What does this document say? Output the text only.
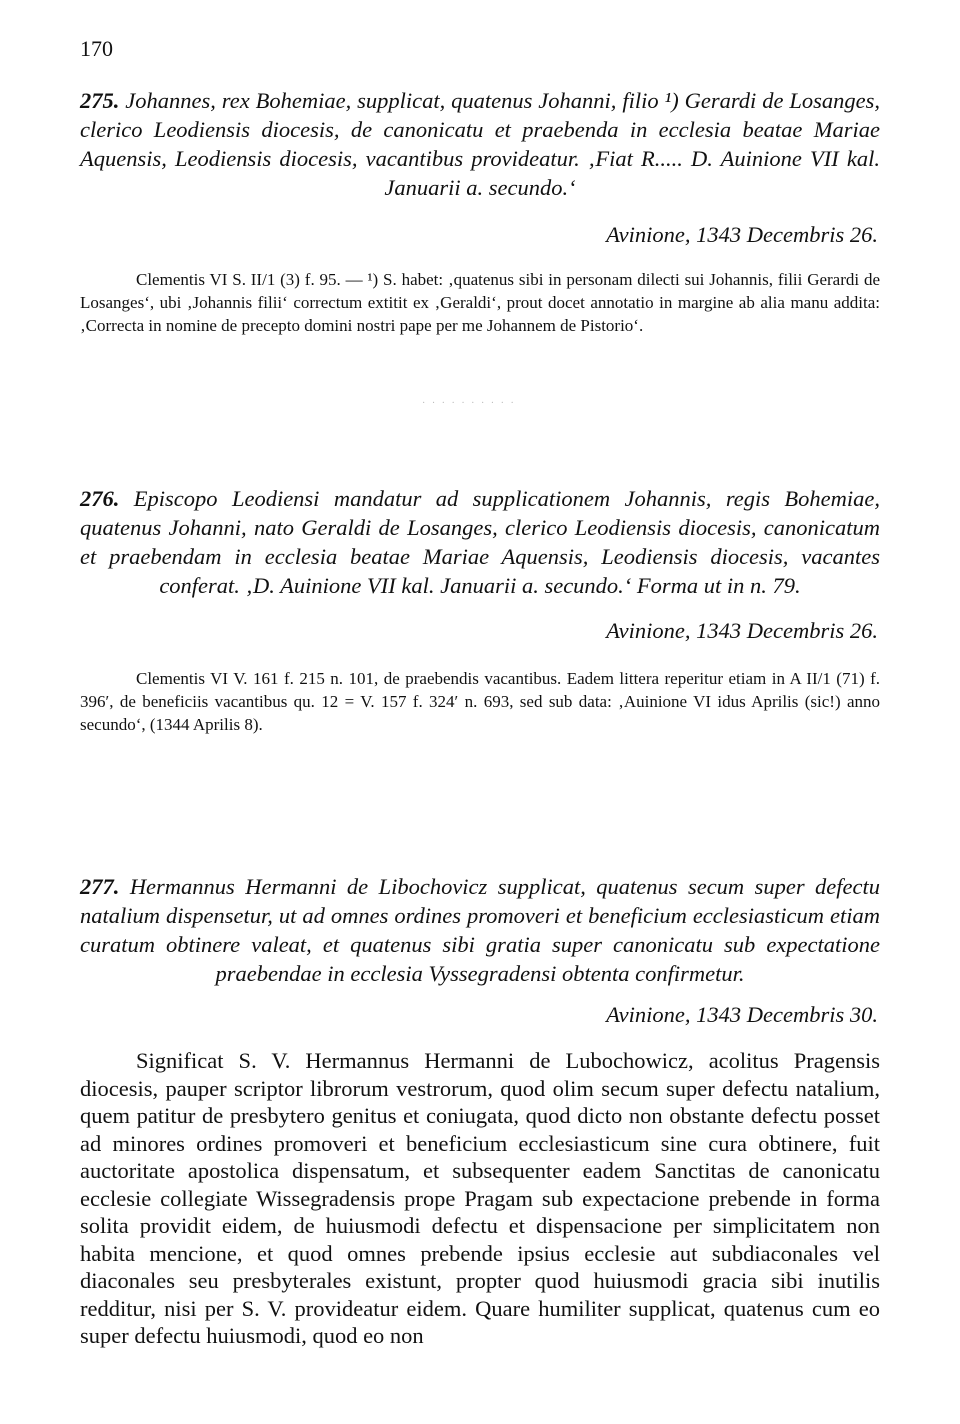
170
275. Johannes, rex Bohemiae, supplicat, quatenus Johanni, filio ¹) Gerardi de Losanges, clerico Leodiensis diocesis, de canonicatu et praebenda in ecclesia beatae Mariae Aquensis, Leodiensis diocesis, vacantibus provideatur. ‚Fiat R..... D. Auinione VII kal. Januarii a. secundo.‘
Avinione, 1343 Decembris 26.
Clementis VI S. II/1 (3) f. 95. — ¹) S. habet: ‚quatenus sibi in personam dilecti sui Johannis, filii Gerardi de Losanges‘, ubi ‚Johannis filii‘ correctum extitit ex ‚Geraldi‘, prout docet annotatio in margine ab alia manu addita: ‚Correcta in nomine de precepto domini nostri pape per me Johannem de Pistorio‘.
· · · · · · · · · ·
276. Episcopo Leodiensi mandatur ad supplicationem Johannis, regis Bohemiae, quatenus Johanni, nato Geraldi de Losanges, clerico Leodiensis diocesis, canonicatum et praebendam in ecclesia beatae Mariae Aquensis, Leodiensis diocesis, vacantes conferat. ‚D. Auinione VII kal. Januarii a. secundo.‘ Forma ut in n. 79.
Avinione, 1343 Decembris 26.
Clementis VI V. 161 f. 215 n. 101, de praebendis vacantibus. Eadem littera reperitur etiam in A II/1 (71) f. 396′, de beneficiis vacantibus qu. 12 = V. 157 f. 324′ n. 693, sed sub data: ‚Auinione VI idus Aprilis (sic!) anno secundo‘, (1344 Aprilis 8).
277. Hermannus Hermanni de Libochovicz supplicat, quatenus secum super defectu natalium dispensetur, ut ad omnes ordines promoveri et beneficium ecclesiasticum etiam curatum obtinere valeat, et quatenus sibi gratia super canonicatu sub expectatione praebendae in ecclesia Vyssegradensi obtenta confirmetur.
Avinione, 1343 Decembris 30.
Significat S. V. Hermannus Hermanni de Lubochowicz, acolitus Pragensis diocesis, pauper scriptor librorum vestrorum, quod olim secum super defectu natalium, quem patitur de presbytero genitus et coniugata, quod dicto non obstante defectu posset ad minores ordines promoveri et beneficium ecclesiasticum sine cura obtinere, fuit auctoritate apostolica dispensatum, et subsequenter eadem Sanctitas de canonicatu ecclesie collegiate Wissegradensis prope Pragam sub expectacione prebende in forma solita providit eidem, de huiusmodi defectu et dispensacione per simplicitatem non habita mencione, et quod omnes prebende ipsius ecclesie aut subdiaconales vel diaconales seu presbyterales existunt, propter quod huiusmodi gracia sibi inutilis redditur, nisi per S. V. provideatur eidem. Quare humiliter supplicat, quatenus cum eo super defectu huiusmodi, quod eo non
